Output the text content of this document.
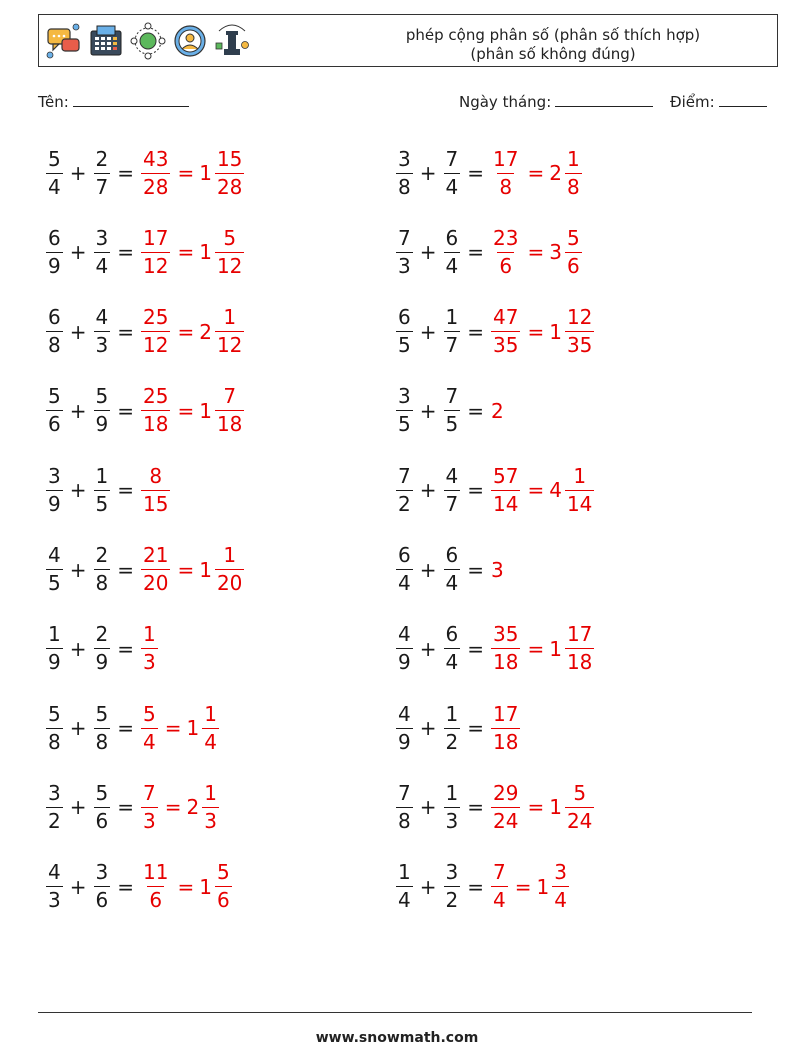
phép cộng phân số (phân số thích hợp)
(phân số không đúng)
Tên:	Ngày tháng:	Điểm:
$\frac{5}{4} + \frac{2}{7} = \frac{43}{28} = 1 \frac{15}{28}$	$\frac{3}{8} + \frac{7}{4} = \frac{17}{8} = 2 \frac{1}{8}$
$\frac{6}{9} + \frac{3}{4} = \frac{17}{12} = 1 \frac{5}{12}$	$\frac{7}{3} + \frac{6}{4} = \frac{23}{6} = 3 \frac{5}{6}$
$\frac{6}{8} + \frac{4}{3} = \frac{25}{12} = 2 \frac{1}{12}$	$\frac{6}{5} + \frac{1}{7} = \frac{47}{35} = 1 \frac{12}{35}$
$\frac{5}{6} + \frac{5}{9} = \frac{25}{18} = 1 \frac{7}{18}$	$\frac{3}{5} + \frac{7}{5} = 2$
$\frac{3}{9} + \frac{1}{5} = \frac{8}{15}$	$\frac{7}{2} + \frac{4}{7} = \frac{57}{14} = 4 \frac{1}{14}$
$\frac{4}{5} + \frac{2}{8} = \frac{21}{20} = 1 \frac{1}{20}$	$\frac{6}{4} + \frac{6}{4} = 3$
$\frac{1}{9} + \frac{2}{9} = \frac{1}{3}$	$\frac{4}{9} + \frac{6}{4} = \frac{35}{18} = 1 \frac{17}{18}$
$\frac{5}{8} + \frac{5}{8} = \frac{5}{4} = 1 \frac{1}{4}$	$\frac{4}{9} + \frac{1}{2} = \frac{17}{18}$
$\frac{3}{2} + \frac{5}{6} = \frac{7}{3} = 2 \frac{1}{3}$	$\frac{7}{8} + \frac{1}{3} = \frac{29}{24} = 1 \frac{5}{24}$
$\frac{4}{3} + \frac{3}{6} = \frac{11}{6} = 1 \frac{5}{6}$	$\frac{1}{4} + \frac{3}{2} = \frac{7}{4} = 1 \frac{3}{4}$
www.snowmath.com
